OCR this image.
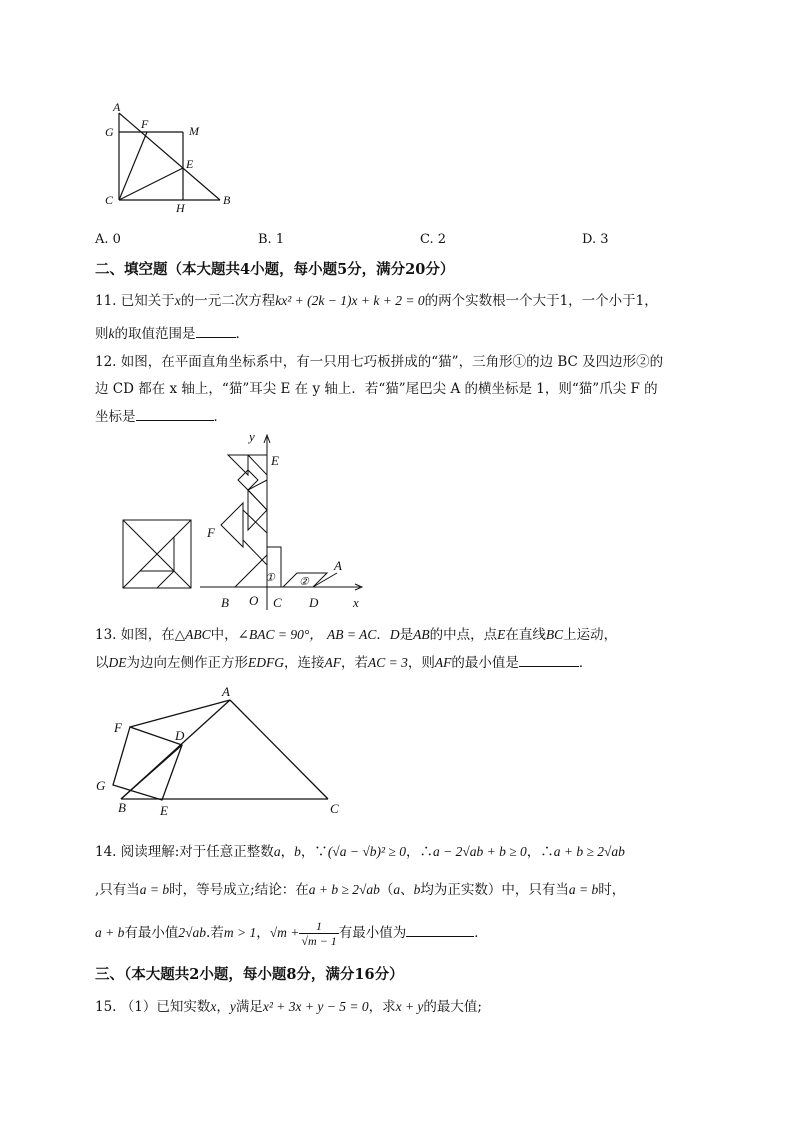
A
G
F	M
E
C
H
B
A. 0	B. 1	C. 2	D. 3
二、填空题（本大题共4小题，每小题5分，满分20分）
11. 已知关于x的一元二次方程kx² + (2k − 1)x + k + 2 = 0的两个实数根一个大于1，一个小于1，
则k的取值范围是	．
12. 如图，在平面直角坐标系中，有一只用七巧板拼成的“猫”，三角形①的边 BC 及四边形②的
边 CD 都在 x 轴上，“猫”耳尖 E 在 y 轴上．若“猫”尾巴尖 A 的横坐标是 1，则“猫”爪尖 F 的
坐标是	．
y
E
F
A
B O C D	x
① ②
13. 如图，在△ABC中，∠BAC = 90°， AB = AC．D是AB的中点，点E在直线BC上运动，
以DE为边向左侧作正方形EDFG，连接AF，若AC = 3，则AF的最小值是	．
A
F
D
G
B	E	C
14. 阅读理解:对于任意正整数a，b，∵(√a − √b)² ≥ 0，∴a − 2√ab + b ≥ 0，∴a + b ≥ 2√ab
,只有当a = b时，等号成立;结论：在a + b ≥ 2√ab（a、b均为正实数）中，只有当a = b时，
a + b有最小值2√ab.若m > 1，$√m + \frac{1}{√m - 1}$ 有最小值为	．
三、（本大题共2小题，每小题8分，满分16分）
15. （1）已知实数x，y满足x² + 3x + y − 5 = 0，求x + y的最大值;
